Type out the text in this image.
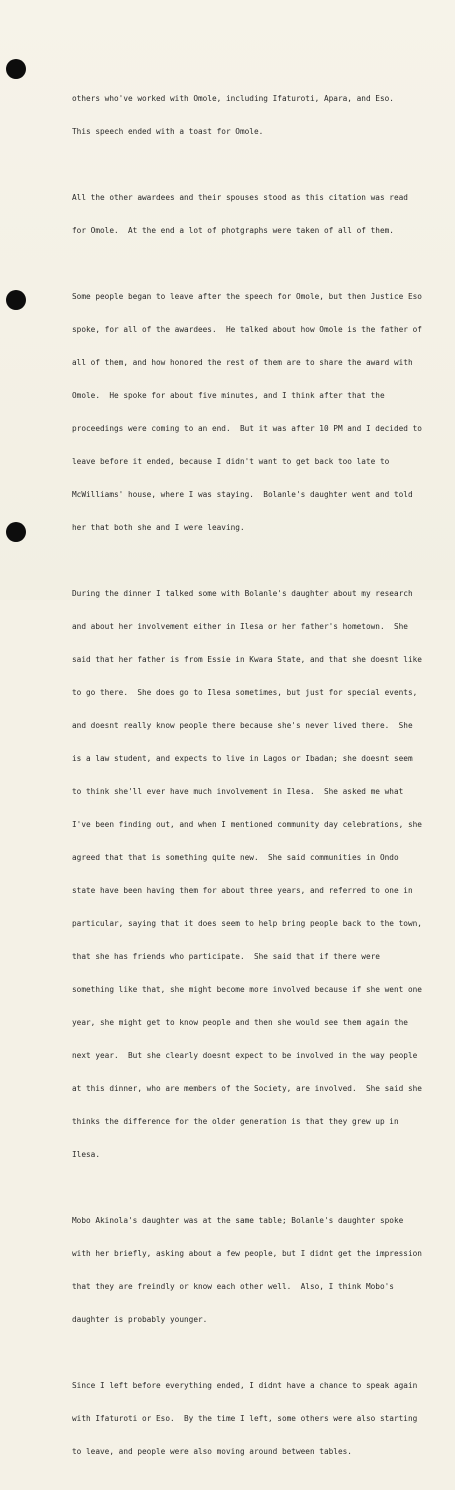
others who've worked with Omole, including Ifaturoti, Apara, and Eso.

This speech ended with a toast for Omole.

All the other awardees and their spouses stood as this citation was read

for Omole.  At the end a lot of photgraphs were taken of all of them.

Some people began to leave after the speech for Omole, but then Justice Eso

spoke, for all of the awardees.  He talked about how Omole is the father of

all of them, and how honored the rest of them are to share the award with

Omole.  He spoke for about five minutes, and I think after that the

proceedings were coming to an end.  But it was after 10 PM and I decided to

leave before it ended, because I didn't want to get back too late to

McWilliams' house, where I was staying.  Bolanle's daughter went and told

her that both she and I were leaving.

During the dinner I talked some with Bolanle's daughter about my research

and about her involvement either in Ilesa or her father's hometown.  She

said that her father is from Essie in Kwara State, and that she doesnt like

to go there.  She does go to Ilesa sometimes, but just for special events,

and doesnt really know people there because she's never lived there.  She

is a law student, and expects to live in Lagos or Ibadan; she doesnt seem

to think she'll ever have much involvement in Ilesa.  She asked me what

I've been finding out, and when I mentioned community day celebrations, she

agreed that that is something quite new.  She said communities in Ondo

state have been having them for about three years, and referred to one in

particular, saying that it does seem to help bring people back to the town,

that she has friends who participate.  She said that if there were

something like that, she might become more involved because if she went one

year, she might get to know people and then she would see them again the

next year.  But she clearly doesnt expect to be involved in the way people

at this dinner, who are members of the Society, are involved.  She said she

thinks the difference for the older generation is that they grew up in

Ilesa.

Mobo Akinola's daughter was at the same table; Bolanle's daughter spoke

with her briefly, asking about a few people, but I didnt get the impression

that they are freindly or know each other well.  Also, I think Mobo's

daughter is probably younger.

Since I left before everything ended, I didnt have a chance to speak again

with Ifaturoti or Eso.  By the time I left, some others were also starting

to leave, and people were also moving around between tables.
